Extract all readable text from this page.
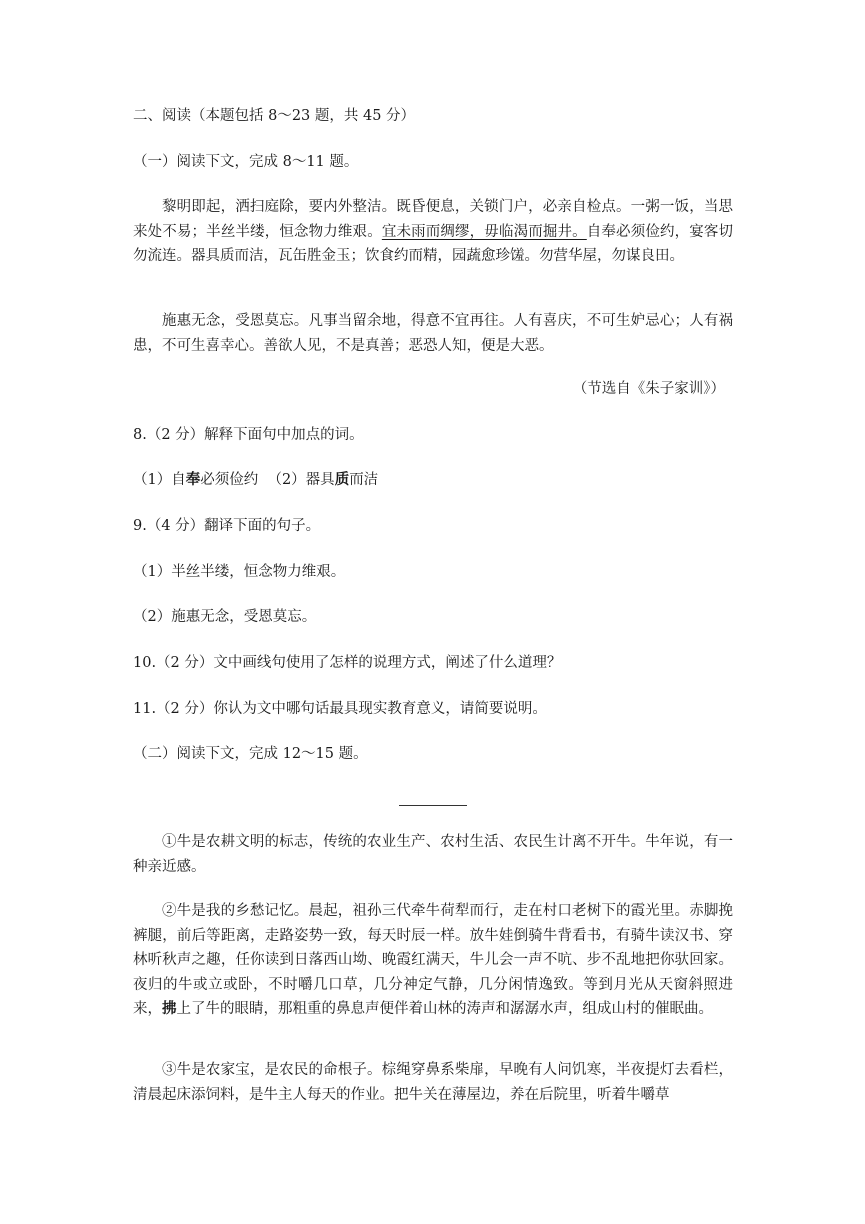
二、阅读（本题包括 8～23 题，共 45 分）

（一）阅读下文，完成 8～11 题。

黎明即起，洒扫庭除，要内外整洁。既昏便息，关锁门户，必亲自检点。一粥一饭，当思来处不易；半丝半缕，恒念物力维艰。宜未雨而绸缪，毋临渴而掘井。自奉必须俭约，宴客切勿流连。器具质而洁，瓦缶胜金玉；饮食约而精，园蔬愈珍馐。勿营华屋，勿谋良田。

施惠无念，受恩莫忘。凡事当留余地，得意不宜再往。人有喜庆，不可生妒忌心；人有祸患，不可生喜幸心。善欲人见，不是真善；恶恐人知，便是大恶。

（节选自《朱子家训》）

8.（2 分）解释下面句中加点的词。

（1）自奉必须俭约 （2）器具质而洁

9.（4 分）翻译下面的句子。

（1）半丝半缕，恒念物力维艰。

（2）施惠无念，受恩莫忘。

10.（2 分）文中画线句使用了怎样的说理方式，阐述了什么道理？

11.（2 分）你认为文中哪句话最具现实教育意义，请简要说明。

（二）阅读下文，完成 12～15 题。

①牛是农耕文明的标志，传统的农业生产、农村生活、农民生计离不开牛。牛年说，有一种亲近感。

②牛是我的乡愁记忆。晨起，祖孙三代牵牛荷犁而行，走在村口老树下的霞光里。赤脚挽裤腿，前后等距离，走路姿势一致，每天时辰一样。放牛娃倒骑牛背看书，有骑牛读汉书、穿林听秋声之趣，任你读到日落西山坳、晚霞红满天，牛儿会一声不吭、步不乱地把你驮回家。夜归的牛或立或卧，不时嚼几口草，几分神定气静，几分闲情逸致。等到月光从天窗斜照进来，拂上了牛的眼睛，那粗重的鼻息声便伴着山林的涛声和潺潺水声，组成山村的催眠曲。

③牛是农家宝，是农民的命根子。棕绳穿鼻系柴扉，早晚有人问饥寒，半夜提灯去看栏，清晨起床添饲料，是牛主人每天的作业。把牛关在薄屋边，养在后院里，听着牛嚼草
